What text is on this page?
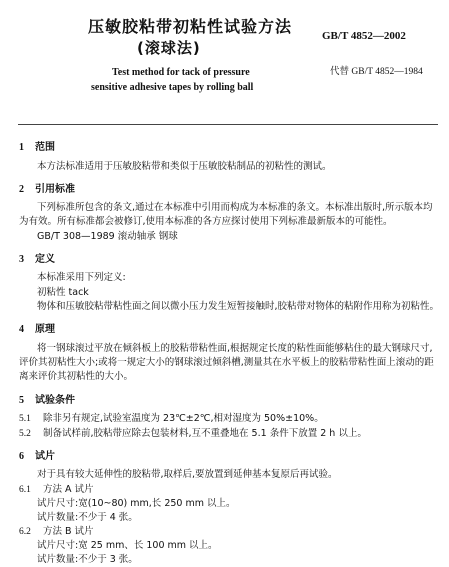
压敏胶粘带初粘性试验方法
(滚球法)
GB/T 4852—2002
代替 GB/T 4852—1984
Test method for tack of pressure
sensitive adhesive tapes by rolling ball
1 范围
本方法标准适用于压敏胶粘带和类似于压敏胶粘制品的初粘性的测试。
2 引用标准
下列标准所包含的条文,通过在本标准中引用而构成为本标准的条文。本标准出版时,所示版本均
为有效。所有标准都会被修订,使用本标准的各方应探讨使用下列标准最新版本的可能性。
GB/T 308—1989 滚动轴承 钢球
3 定义
本标准采用下列定义:
初粘性 tack
物体和压敏胶粘带粘性面之间以微小压力发生短暂接触时,胶粘带对物体的粘附作用称为初粘性。
4 原理
将一钢球滚过平放在倾斜板上的胶粘带粘性面,根据规定长度的粘性面能够粘住的最大钢球尺寸,
评价其初粘性大小;或将一规定大小的钢球滚过倾斜槽,测量其在水平板上的胶粘带粘性面上滚动的距
离来评价其初粘性的大小。
5 试验条件
5.1 除非另有规定,试验室温度为 23℃±2℃,相对湿度为 50%±10%。
5.2 制备试样前,胶粘带应除去包装材料,互不重叠地在 5.1 条件下放置 2 h 以上。
6 试片
对于具有较大延伸性的胶粘带,取样后,要放置到延伸基本复原后再试验。
6.1 方法 A 试片
试片尺寸:宽(10~80) mm,长 250 mm 以上。
试片数量:不少于 4 张。
6.2 方法 B 试片
试片尺寸:宽 25 mm、长 100 mm 以上。
试片数量:不少于 3 张。
